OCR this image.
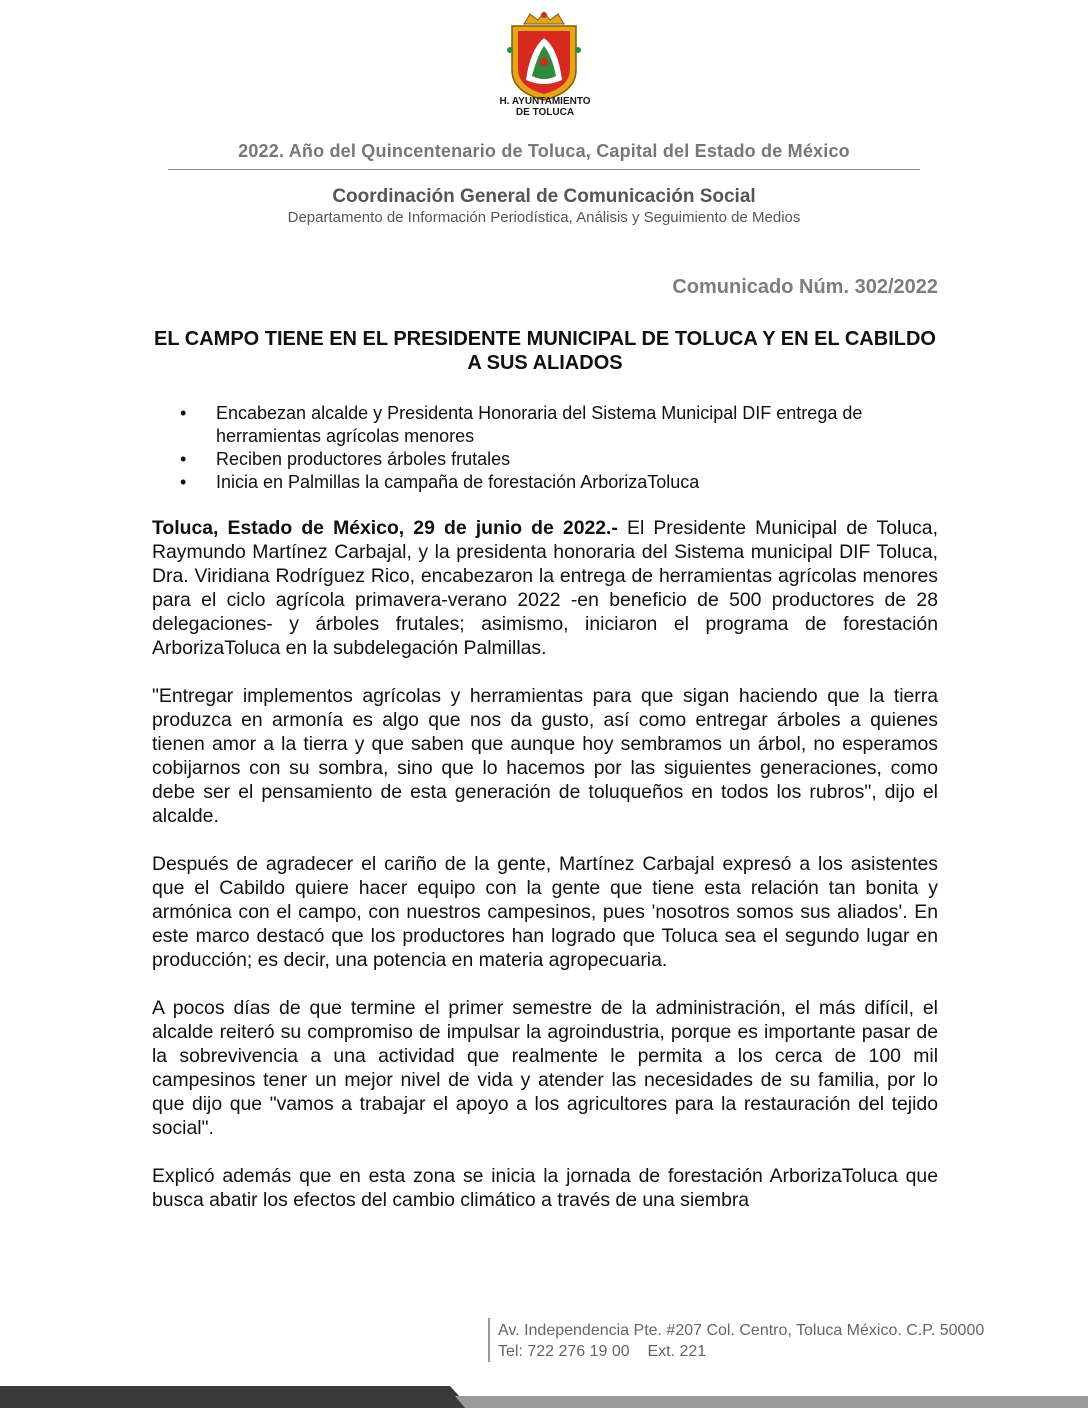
H. AYUNTAMIENTO
DE TOLUCA
2022. Año del Quincentenario de Toluca, Capital del Estado de México
Coordinación General de Comunicación Social
Departamento de Información Periodística, Análisis y Seguimiento de Medios
Comunicado Núm. 302/2022
EL CAMPO TIENE EN EL PRESIDENTE MUNICIPAL DE TOLUCA Y EN EL CABILDO A SUS ALIADOS
• Encabezan alcalde y Presidenta Honoraria del Sistema Municipal DIF entrega de herramientas agrícolas menores
• Reciben productores árboles frutales
• Inicia en Palmillas la campaña de forestación ArborizaToluca

Toluca, Estado de México, 29 de junio de 2022.- El Presidente Municipal de Toluca, Raymundo Martínez Carbajal, y la presidenta honoraria del Sistema municipal DIF Toluca, Dra. Viridiana Rodríguez Rico, encabezaron la entrega de herramientas agrícolas menores para el ciclo agrícola primavera-verano 2022 -en beneficio de 500 productores de 28 delegaciones- y árboles frutales; asimismo, iniciaron el programa de forestación ArborizaToluca en la subdelegación Palmillas.

"Entregar implementos agrícolas y herramientas para que sigan haciendo que la tierra produzca en armonía es algo que nos da gusto, así como entregar árboles a quienes tienen amor a la tierra y que saben que aunque hoy sembramos un árbol, no esperamos cobijarnos con su sombra, sino que lo hacemos por las siguientes generaciones, como debe ser el pensamiento de esta generación de toluqueños en todos los rubros", dijo el alcalde.

Después de agradecer el cariño de la gente, Martínez Carbajal expresó a los asistentes que el Cabildo quiere hacer equipo con la gente que tiene esta relación tan bonita y armónica con el campo, con nuestros campesinos, pues 'nosotros somos sus aliados'. En este marco destacó que los productores han logrado que Toluca sea el segundo lugar en producción; es decir, una potencia en materia agropecuaria.

A pocos días de que termine el primer semestre de la administración, el más difícil, el alcalde reiteró su compromiso de impulsar la agroindustria, porque es importante pasar de la sobrevivencia a una actividad que realmente le permita a los cerca de 100 mil campesinos tener un mejor nivel de vida y atender las necesidades de su familia, por lo que dijo que "vamos a trabajar el apoyo a los agricultores para la restauración del tejido social".

Explicó además que en esta zona se inicia la jornada de forestación ArborizaToluca que busca abatir los efectos del cambio climático a través de una siembra

Av. Independencia Pte. #207 Col. Centro, Toluca México. C.P. 50000
Tel: 722 276 19 00    Ext. 221
